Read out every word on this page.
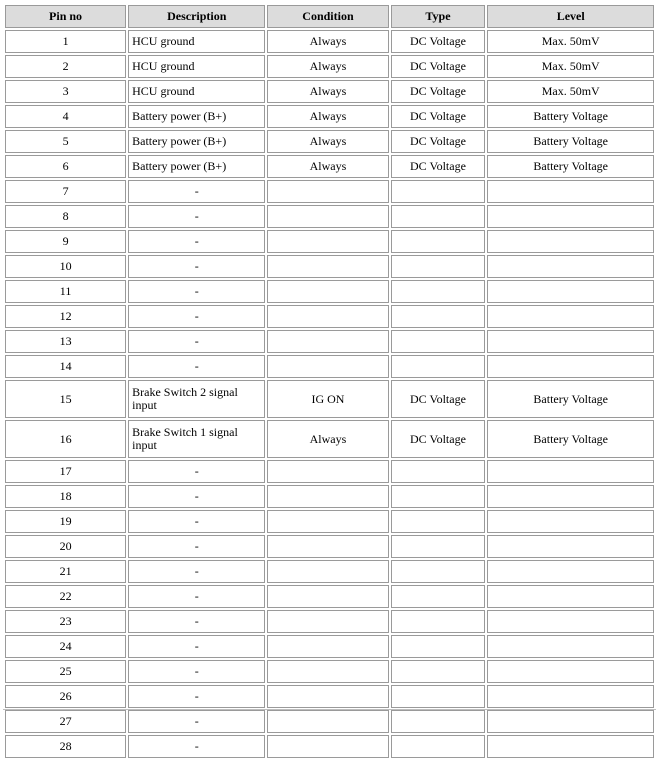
Pin no	Description	Condition	Type	Level
1	HCU ground	Always	DC Voltage	Max. 50mV
2	HCU ground	Always	DC Voltage	Max. 50mV
3	HCU ground	Always	DC Voltage	Max. 50mV
4	Battery power (B+)	Always	DC Voltage	Battery Voltage
5	Battery power (B+)	Always	DC Voltage	Battery Voltage
6	Battery power (B+)	Always	DC Voltage	Battery Voltage
7	-			
8	-			
9	-			
10	-			
11	-			
12	-			
13	-			
14	-			
15	Brake Switch 2 signal input	IG ON	DC Voltage	Battery Voltage
16	Brake Switch 1 signal input	Always	DC Voltage	Battery Voltage
17	-			
18	-			
19	-			
20	-			
21	-			
22	-			
23	-			
24	-			
25	-			
26	-			
27	-			
28	-			
